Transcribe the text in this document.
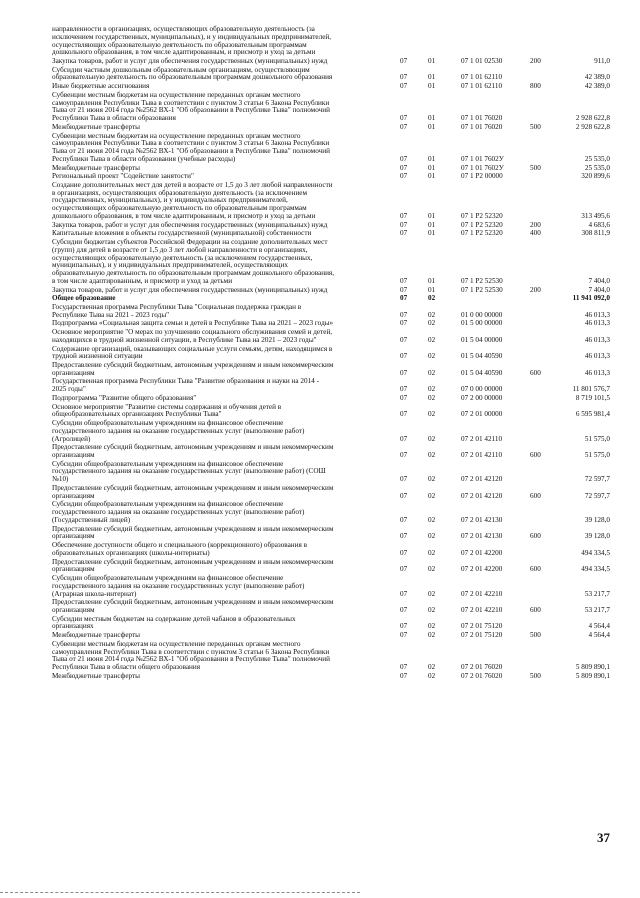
направленности в организациях, осуществляющих образовательную деятельность (за
исключением государственных, муниципальных), и у индивидуальных предпринимателей,
осуществляющих образовательную деятельность по образовательным программам
дошкольного образования, в том числе адаптированным, и присмотр и уход за детьми
Закупка товаров, работ и услуг для обеспечения государственных (муниципальных) нужд	07	01	07 1 01 02530	200	911,0
Субсидии частным дошкольным образовательным организациям, осуществляющим
образовательную деятельность по образовательным программам дошкольного образования	07	01	07 1 01 62110	42 389,0
Иные бюджетные ассигнования	07	01	07 1 01 62110	800	42 389,0
Субвенции местным бюджетам на осуществление переданных органам местного
самоуправления Республики Тыва в соответствии с пунктом 3 статьи 6 Закона Республики
Тыва от 21 июня 2014 года №2562 ВХ-1 "Об образовании в Республике Тыва" полномочий
Республики Тыва в области образования	07	01	07 1 01 76020	2 928 622,8
Межбюджетные трансферты	07	01	07 1 01 76020	500	2 928 622,8
Субвенции местным бюджетам на осуществление переданных органам местного
самоуправления Республики Тыва в соответствии с пунктом 3 статьи 6 Закона Республики
Тыва от 21 июня 2014 года №2562 ВХ-1 "Об образовании в Республике Тыва" полномочий
Республики Тыва в области образования (учебные расходы)	07	01	07 1 01 7602У	25 535,0
Межбюджетные трансферты	07	01	07 1 01 7602У	500	25 535,0
Региональный проект "Содействие занятости"	07	01	07 1 P2 00000	320 899,6
Создание дополнительных мест для детей в возрасте от 1,5 до 3 лет любой направленности
в организациях, осуществляющих образовательную деятельность (за исключением
государственных, муниципальных), и у индивидуальных предпринимателей,
осуществляющих образовательную деятельность по образовательным программам
дошкольного образования, в том числе адаптированным, и присмотр и уход за детьми	07	01	07 1 P2 52320	313 495,6
Закупка товаров, работ и услуг для обеспечения государственных (муниципальных) нужд	07	01	07 1 P2 52320	200	4 683,6
Капитальные вложения в объекты государственной (муниципальной) собственности	07	01	07 1 P2 52320	400	308 811,9
Субсидии бюджетам субъектов Российской Федерации на создание дополнительных мест
(групп) для детей в возрасте от 1,5 до 3 лет любой направленности в организациях,
осуществляющих образовательную деятельность (за исключением государственных,
муниципальных), и у индивидуальных предпринимателей, осуществляющих
образовательную деятельность по образовательным программам дошкольного образования,
в том числе адаптированным, и присмотр и уход за детьми	07	01	07 1 P2 52530	7 404,0
Закупка товаров, работ и услуг для обеспечения государственных (муниципальных) нужд	07	01	07 1 P2 52530	200	7 404,0
Общее образование	07	02	11 941 092,0
Государственная программа Республики Тыва "Социальная поддержка граждан в
Республике Тыва на 2021 - 2023 годы"	07	02	01 0 00 00000	46 013,3
Подпрограмма «Социальная защита семьи и детей в Республике Тыва на 2021 – 2023 годы»	07	02	01 5 00 00000	46 013,3
Основное мероприятие "О мерах по улучшению социального обслуживания семей и детей,
находящихся в трудной жизненной ситуации, в Республике Тыва на 2021 – 2023 годы"	07	02	01 5 04 00000	46 013,3
Содержание организаций, оказывающих социальные услуги семьям, детям, находящимся в
трудной жизненной ситуации	07	02	01 5 04 40590	46 013,3
Предоставление субсидий бюджетным, автономным учреждениям и иным некоммерческим
организациям	07	02	01 5 04 40590	600	46 013,3
Государственная программа Республики Тыва "Развитие образования и науки на 2014 -
2025 годы"	07	02	07 0 00 00000	11 801 576,7
Подпрограмма "Развитие общего образования"	07	02	07 2 00 00000	8 719 101,5
Основное мероприятие "Развитие системы содержания и обучения детей в
общеобразовательных организациях Республики Тыва"	07	02	07 2 01 00000	6 595 981,4
Субсидии общеобразовательным учреждениям на финансовое обеспечение
государственного задания на оказание государственных услуг (выполнение работ)
(Агролицей)	07	02	07 2 01 42110	51 575,0
Предоставление субсидий бюджетным, автономным учреждениям и иным некоммерческим
организациям	07	02	07 2 01 42110	600	51 575,0
Субсидии общеобразовательным учреждениям на финансовое обеспечение
государственного задания на оказание государственных услуг (выполнение работ) (СОШ
№10)	07	02	07 2 01 42120	72 597,7
Предоставление субсидий бюджетным, автономным учреждениям и иным некоммерческим
организациям	07	02	07 2 01 42120	600	72 597,7
Субсидии общеобразовательным учреждениям на финансовое обеспечение
государственного задания на оказание государственных услуг (выполнение работ)
(Государственный лицей)	07	02	07 2 01 42130	39 128,0
Предоставление субсидий бюджетным, автономным учреждениям и иным некоммерческим
организациям	07	02	07 2 01 42130	600	39 128,0
Обеспечение доступности общего и специального (коррекционного) образования в
образовательных организациях (школы-интернаты)	07	02	07 2 01 42200	494 334,5
Предоставление субсидий бюджетным, автономным учреждениям и иным некоммерческим
организациям	07	02	07 2 01 42200	600	494 334,5
Субсидии общеобразовательным учреждениям на финансовое обеспечение
государственного задания на оказание государственных услуг (выполнение работ)
(Аграрная школа-интернат)	07	02	07 2 01 42210	53 217,7
Предоставление субсидий бюджетным, автономным учреждениям и иным некоммерческим
организациям	07	02	07 2 01 42210	600	53 217,7
Субсидии местным бюджетам на содержание детей чабанов в образовательных
организациях	07	02	07 2 01 75120	4 564,4
Межбюджетные трансферты	07	02	07 2 01 75120	500	4 564,4
Субвенции местным бюджетам на осуществление переданных органам местного
самоуправления Республики Тыва в соответствии с пунктом 3 статьи 6 Закона Республики
Тыва от 21 июня 2014 года №2562 ВХ-1 "Об образовании в Республике Тыва" полномочий
Республики Тыва в области общего образования	07	02	07 2 01 76020	5 809 890,1
Межбюджетные трансферты	07	02	07 2 01 76020	500	5 809 890,1
37
